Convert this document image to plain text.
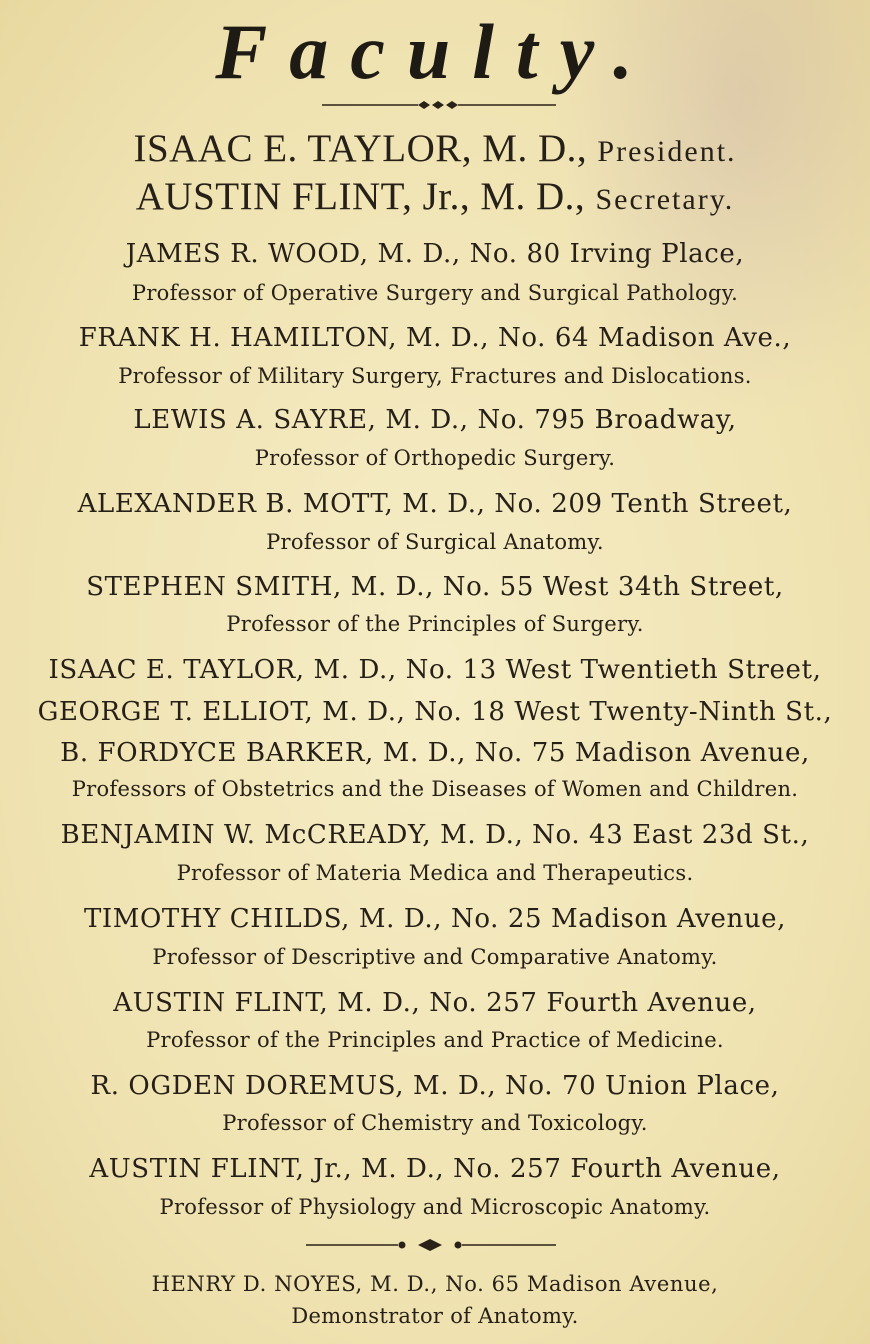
Faculty.
ISAAC E. TAYLOR, M. D., President.
AUSTIN FLINT, Jr., M. D., Secretary.
JAMES R. WOOD, M. D., No. 80 Irving Place,
Professor of Operative Surgery and Surgical Pathology.
FRANK H. HAMILTON, M. D., No. 64 Madison Ave.,
Professor of Military Surgery, Fractures and Dislocations.
LEWIS A. SAYRE, M. D., No. 795 Broadway,
Professor of Orthopedic Surgery.
ALEXANDER B. MOTT, M. D., No. 209 Tenth Street,
Professor of Surgical Anatomy.
STEPHEN SMITH, M. D., No. 55 West 34th Street,
Professor of the Principles of Surgery.
ISAAC E. TAYLOR, M. D., No. 13 West Twentieth Street,
GEORGE T. ELLIOT, M. D., No. 18 West Twenty-Ninth St.,
B. FORDYCE BARKER, M. D., No. 75 Madison Avenue,
Professors of Obstetrics and the Diseases of Women and Children.
BENJAMIN W. McCREADY, M. D., No. 43 East 23d St.,
Professor of Materia Medica and Therapeutics.
TIMOTHY CHILDS, M. D., No. 25 Madison Avenue,
Professor of Descriptive and Comparative Anatomy.
AUSTIN FLINT, M. D., No. 257 Fourth Avenue,
Professor of the Principles and Practice of Medicine.
R. OGDEN DOREMUS, M. D., No. 70 Union Place,
Professor of Chemistry and Toxicology.
AUSTIN FLINT, Jr., M. D., No. 257 Fourth Avenue,
Professor of Physiology and Microscopic Anatomy.
HENRY D. NOYES, M. D., No. 65 Madison Avenue,
Demonstrator of Anatomy.
